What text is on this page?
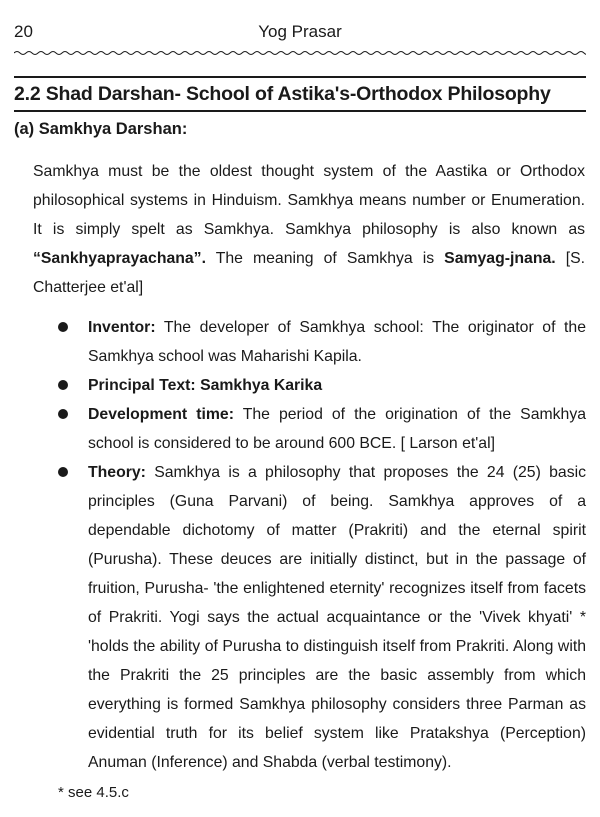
20	Yog Prasar
2.2 Shad Darshan- School of Astika's-Orthodox Philosophy
(a) Samkhya Darshan:

Samkhya must be the oldest thought system of the Aastika or Orthodox philosophical systems in Hinduism. Samkhya means number or Enumeration. It is simply spelt as Samkhya. Samkhya philosophy is also known as “Sankhyaprayachana”. The meaning of Samkhya is Samyag-jnana. [S. Chatterjee et'al]

Inventor: The developer of Samkhya school: The originator of the Samkhya school was Maharishi Kapila.
Principal Text: Samkhya Karika
Development time: The period of the origination of the Samkhya school is considered to be around 600 BCE. [ Larson et'al]
Theory: Samkhya is a philosophy that proposes the 24 (25) basic principles (Guna Parvani) of being. Samkhya approves of a dependable dichotomy of matter (Prakriti) and the eternal spirit (Purusha). These deuces are initially distinct, but in the passage of fruition, Purusha- 'the enlightened eternity' recognizes itself from facets of Prakriti. Yogi says the actual acquaintance or the 'Vivek khyati' * 'holds the ability of Purusha to distinguish itself from Prakriti. Along with the Prakriti the 25 principles are the basic assembly from which everything is formed Samkhya philosophy considers three Parman as evidential truth for its belief system like Pratakshya (Perception) Anuman (Inference) and Shabda (verbal testimony).
* see 4.5.c
